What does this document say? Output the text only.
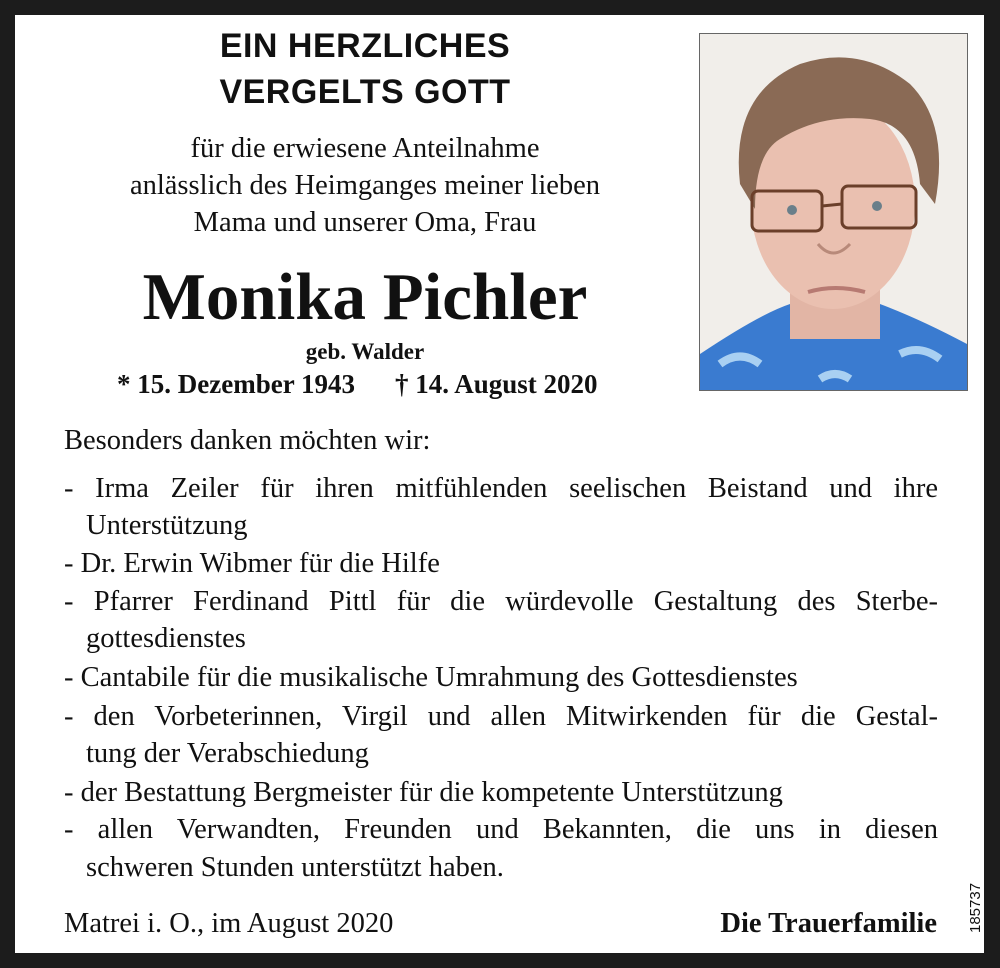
EIN HERZLICHES
VERGELTS GOTT
für die erwiesene Anteilnahme
anlässlich des Heimganges meiner lieben
Mama und unserer Oma, Frau
Monika Pichler
geb. Walder
* 15. Dezember 1943 † 14. August 2020
Besonders danken möchten wir:
- Irma Zeiler für ihren mitfühlenden seelischen Beistand und ihre
Unterstützung
- Dr. Erwin Wibmer für die Hilfe
- Pfarrer Ferdinand Pittl für die würdevolle Gestaltung des Sterbe-
gottesdienstes
- Cantabile für die musikalische Umrahmung des Gottesdienstes
- den Vorbeterinnen, Virgil und allen Mitwirkenden für die Gestal-
tung der Verabschiedung
- der Bestattung Bergmeister für die kompetente Unterstützung
- allen Verwandten, Freunden und Bekannten, die uns in diesen
schweren Stunden unterstützt haben.
Matrei i. O., im August 2020	Die Trauerfamilie 185737
